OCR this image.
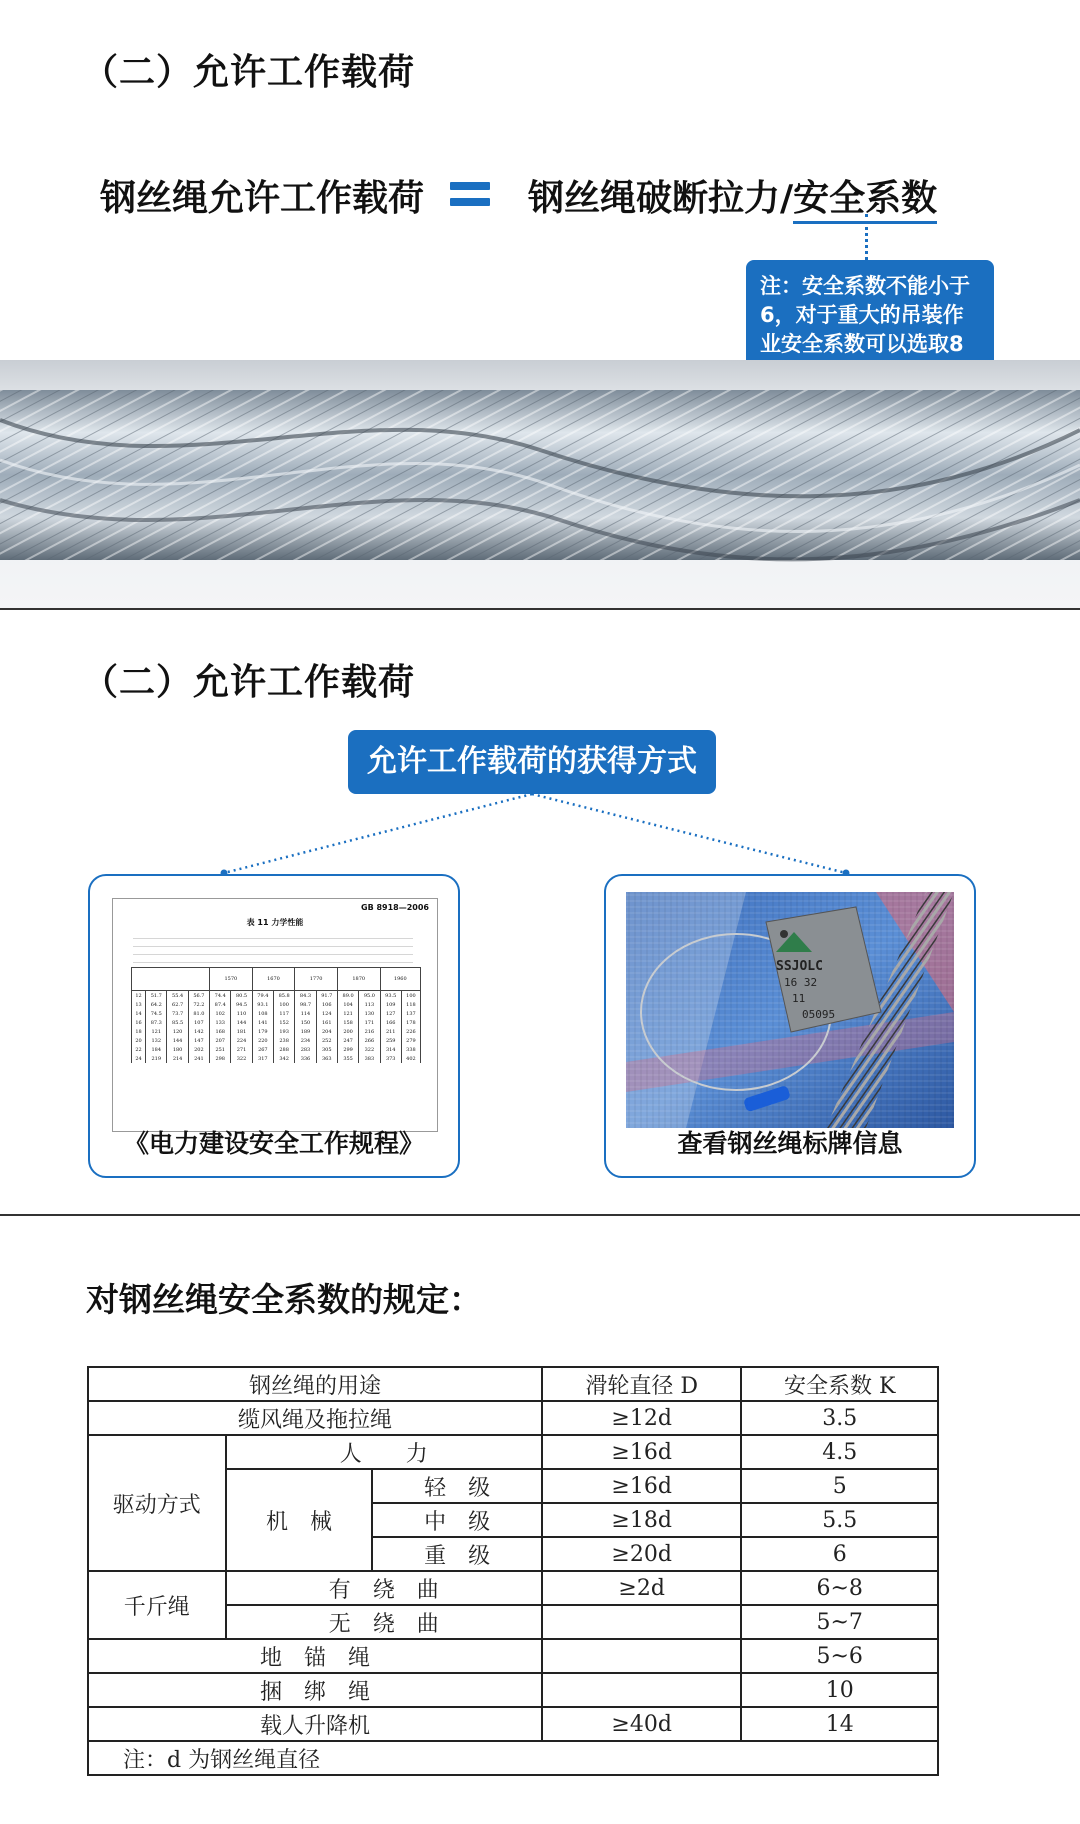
（二）允许工作载荷
钢丝绳允许工作载荷	钢丝绳破断拉力/安全系数
注：安全系数不能小于
6，对于重大的吊装作
业安全系数可以选取8
（二）允许工作载荷
允许工作载荷的获得方式
GB 8918—2006
表 11 力学性能
				1570		1670		1770		1870		1960	
12	51.7	55.4	56.7	74.4	80.5	79.4	85.8	84.3	91.7	89.0	95.0	93.5	100
13	64.2	62.7	72.2	87.4	94.5	93.1	100	98.7	106	104	113	109	118
14	74.5	73.7	81.0	102	110	108	117	114	124	121	130	127	137
16	87.3	85.5	107	133	144	141	152	150	161	158	171	166	178
18	121	120	142	168	181	179	193	189	204	200	216	211	226
20	132	144	147	207	224	220	238	234	252	247	266	259	279
22	184	180	202	251	271	267	288	283	305	299	322	314	338
24	219	214	241	298	322	317	342	336	363	355	383	373	402
《电力建设安全工作规程》
SSJOLC
16 32
11
05095
查看钢丝绳标牌信息
对钢丝绳安全系数的规定：
钢丝绳的用途			滑轮直径 D	安全系数 K
缆风绳及拖拉绳			≥12d	3.5
驱动方式	人　　力		≥16d	4.5
	机　械	轻　级	≥16d	5
		中　级	≥18d	5.5
		重　级	≥20d	6
千斤绳	有　绕　曲		≥2d	6~8
	无　绕　曲			5~7
地　锚　绳				5~6
捆　绑　绳				10
载人升降机			≥40d	14
注：d 为钢丝绳直径				
